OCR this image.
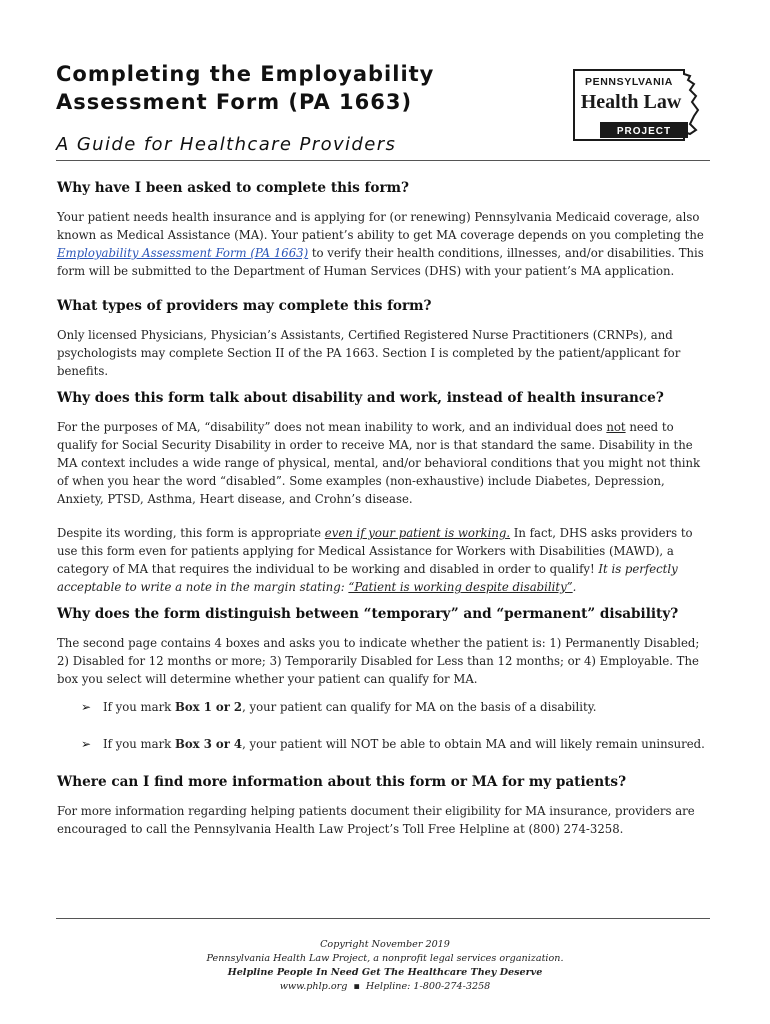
Completing the Employability
Assessment Form (PA 1663)
A Guide for Healthcare Providers
PENNSYLVANIA
Health Law
PROJECT
Why have I been asked to complete this form?

Your patient needs health insurance and is applying for (or renewing) Pennsylvania Medicaid coverage, also known as Medical Assistance (MA). Your patient’s ability to get MA coverage depends on you completing the Employability Assessment Form (PA 1663) to verify their health conditions, illnesses, and/or disabilities. This form will be submitted to the Department of Human Services (DHS) with your patient’s MA application.

What types of providers may complete this form?

Only licensed Physicians, Physician’s Assistants, Certified Registered Nurse Practitioners (CRNPs), and psychologists may complete Section II of the PA 1663. Section I is completed by the patient/applicant for benefits.

Why does this form talk about disability and work, instead of health insurance?

For the purposes of MA, “disability” does not mean inability to work, and an individual does not need to qualify for Social Security Disability in order to receive MA, nor is that standard the same. Disability in the MA context includes a wide range of physical, mental, and/or behavioral conditions that you might not think of when you hear the word “disabled”. Some examples (non-exhaustive) include Diabetes, Depression, Anxiety, PTSD, Asthma, Heart disease, and Crohn’s disease.

Despite its wording, this form is appropriate even if your patient is working. In fact, DHS asks providers to use this form even for patients applying for Medical Assistance for Workers with Disabilities (MAWD), a category of MA that requires the individual to be working and disabled in order to qualify! It is perfectly acceptable to write a note in the margin stating: “Patient is working despite disability”.

Why does the form distinguish between “temporary” and “permanent” disability?

The second page contains 4 boxes and asks you to indicate whether the patient is: 1) Permanently Disabled; 2) Disabled for 12 months or more; 3) Temporarily Disabled for Less than 12 months; or 4) Employable. The box you select will determine whether your patient can qualify for MA.

➢ If you mark Box 1 or 2, your patient can qualify for MA on the basis of a disability.
➢ If you mark Box 3 or 4, your patient will NOT be able to obtain MA and will likely remain uninsured.
Where can I find more information about this form or MA for my patients?

For more information regarding helping patients document their eligibility for MA insurance, providers are encouraged to call the Pennsylvania Health Law Project’s Toll Free Helpline at (800) 274-3258.

Copyright November 2019
Pennsylvania Health Law Project, a nonprofit legal services organization.
Helpline People In Need Get The Healthcare They Deserve
www.phlp.org ▪ Helpline: 1-800-274-3258
